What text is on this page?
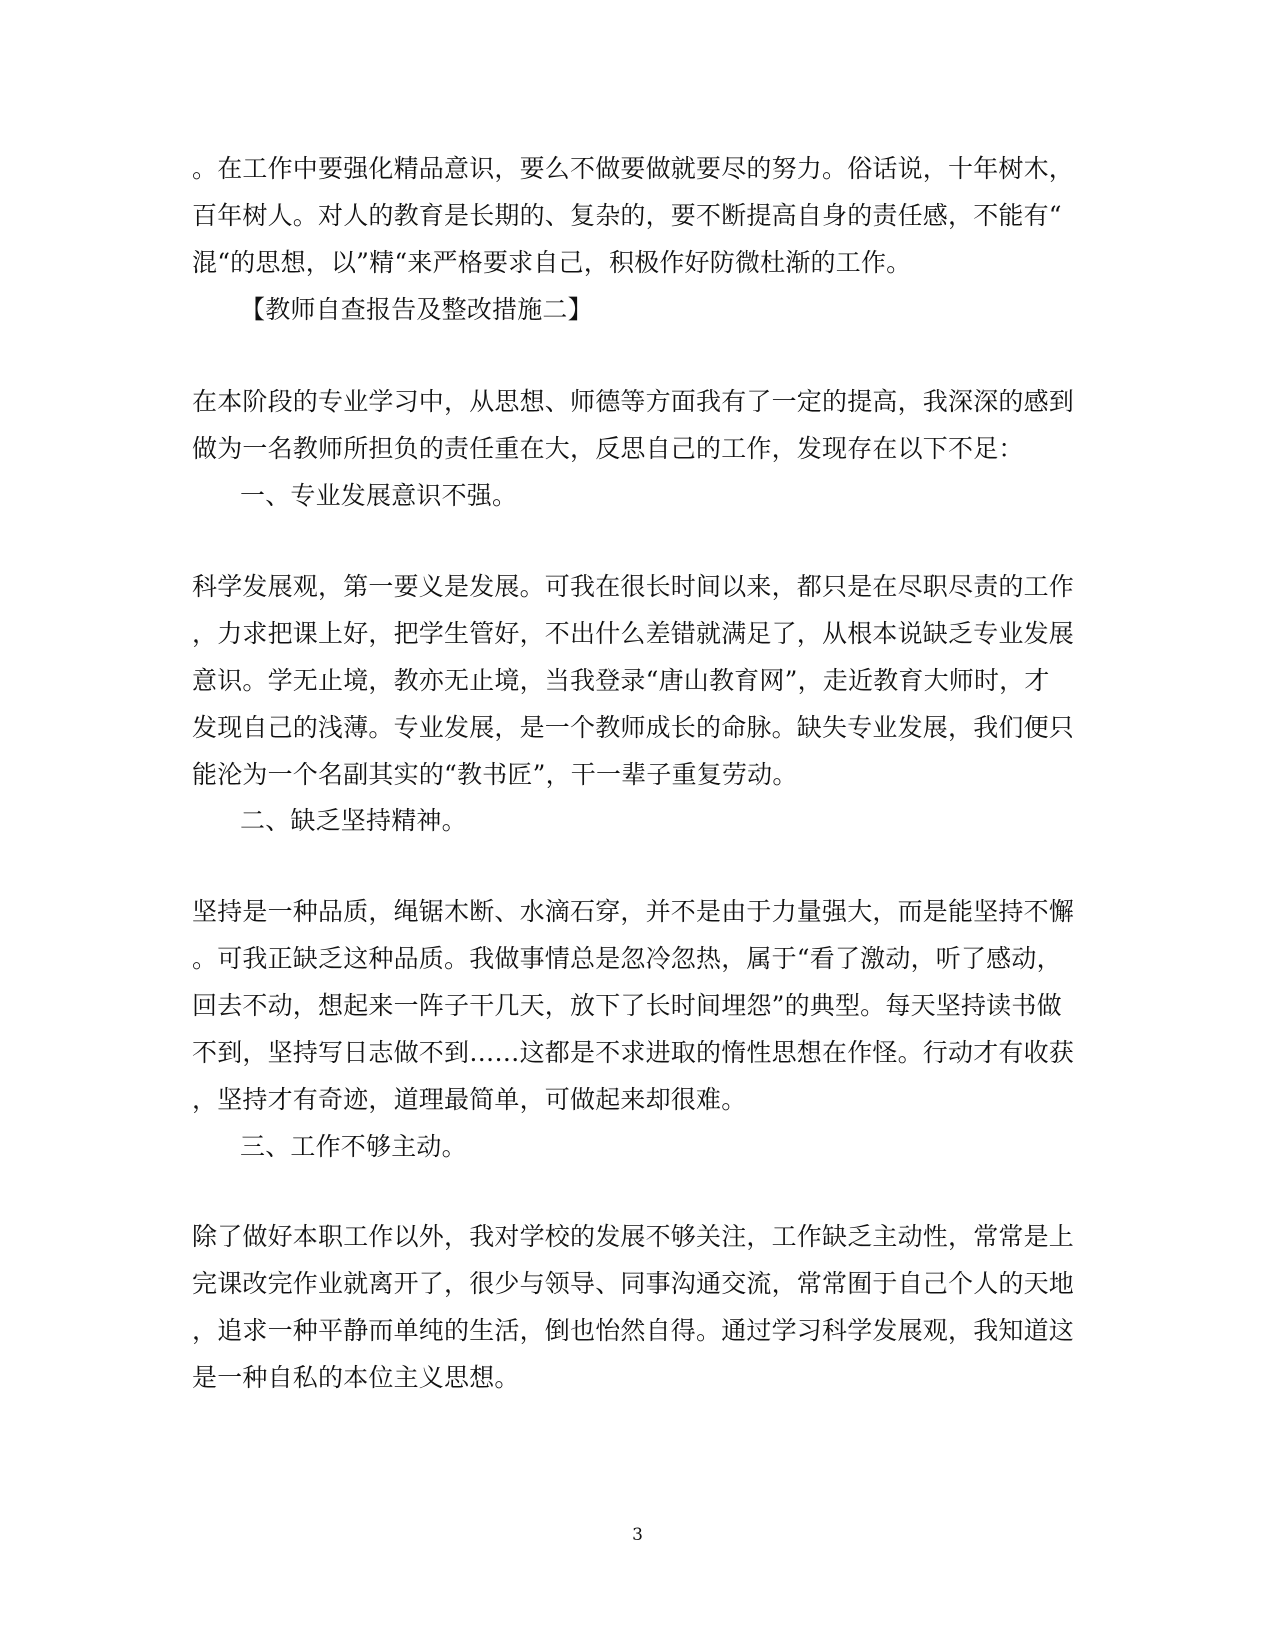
。在工作中要强化精品意识，要么不做要做就要尽的努力。俗话说，十年树木，
百年树人。对人的教育是长期的、复杂的，要不断提高自身的责任感，不能有“
混“的思想，以”精“来严格要求自己，积极作好防微杜渐的工作。
【教师自查报告及整改措施二】
在本阶段的专业学习中，从思想、师德等方面我有了一定的提高，我深深的感到
做为一名教师所担负的责任重在大，反思自己的工作，发现存在以下不足：
一、专业发展意识不强。
科学发展观，第一要义是发展。可我在很长时间以来，都只是在尽职尽责的工作
，力求把课上好，把学生管好，不出什么差错就满足了，从根本说缺乏专业发展
意识。学无止境，教亦无止境，当我登录“唐山教育网”，走近教育大师时，才
发现自己的浅薄。专业发展，是一个教师成长的命脉。缺失专业发展，我们便只
能沦为一个名副其实的“教书匠”，干一辈子重复劳动。
二、缺乏坚持精神。
坚持是一种品质，绳锯木断、水滴石穿，并不是由于力量强大，而是能坚持不懈
。可我正缺乏这种品质。我做事情总是忽冷忽热，属于“看了激动，听了感动，
回去不动，想起来一阵子干几天，放下了长时间埋怨”的典型。每天坚持读书做
不到，坚持写日志做不到……这都是不求进取的惰性思想在作怪。行动才有收获
，坚持才有奇迹，道理最简单，可做起来却很难。
三、工作不够主动。
除了做好本职工作以外，我对学校的发展不够关注，工作缺乏主动性，常常是上
完课改完作业就离开了，很少与领导、同事沟通交流，常常囿于自己个人的天地
，追求一种平静而单纯的生活，倒也怡然自得。通过学习科学发展观，我知道这
是一种自私的本位主义思想。
3
